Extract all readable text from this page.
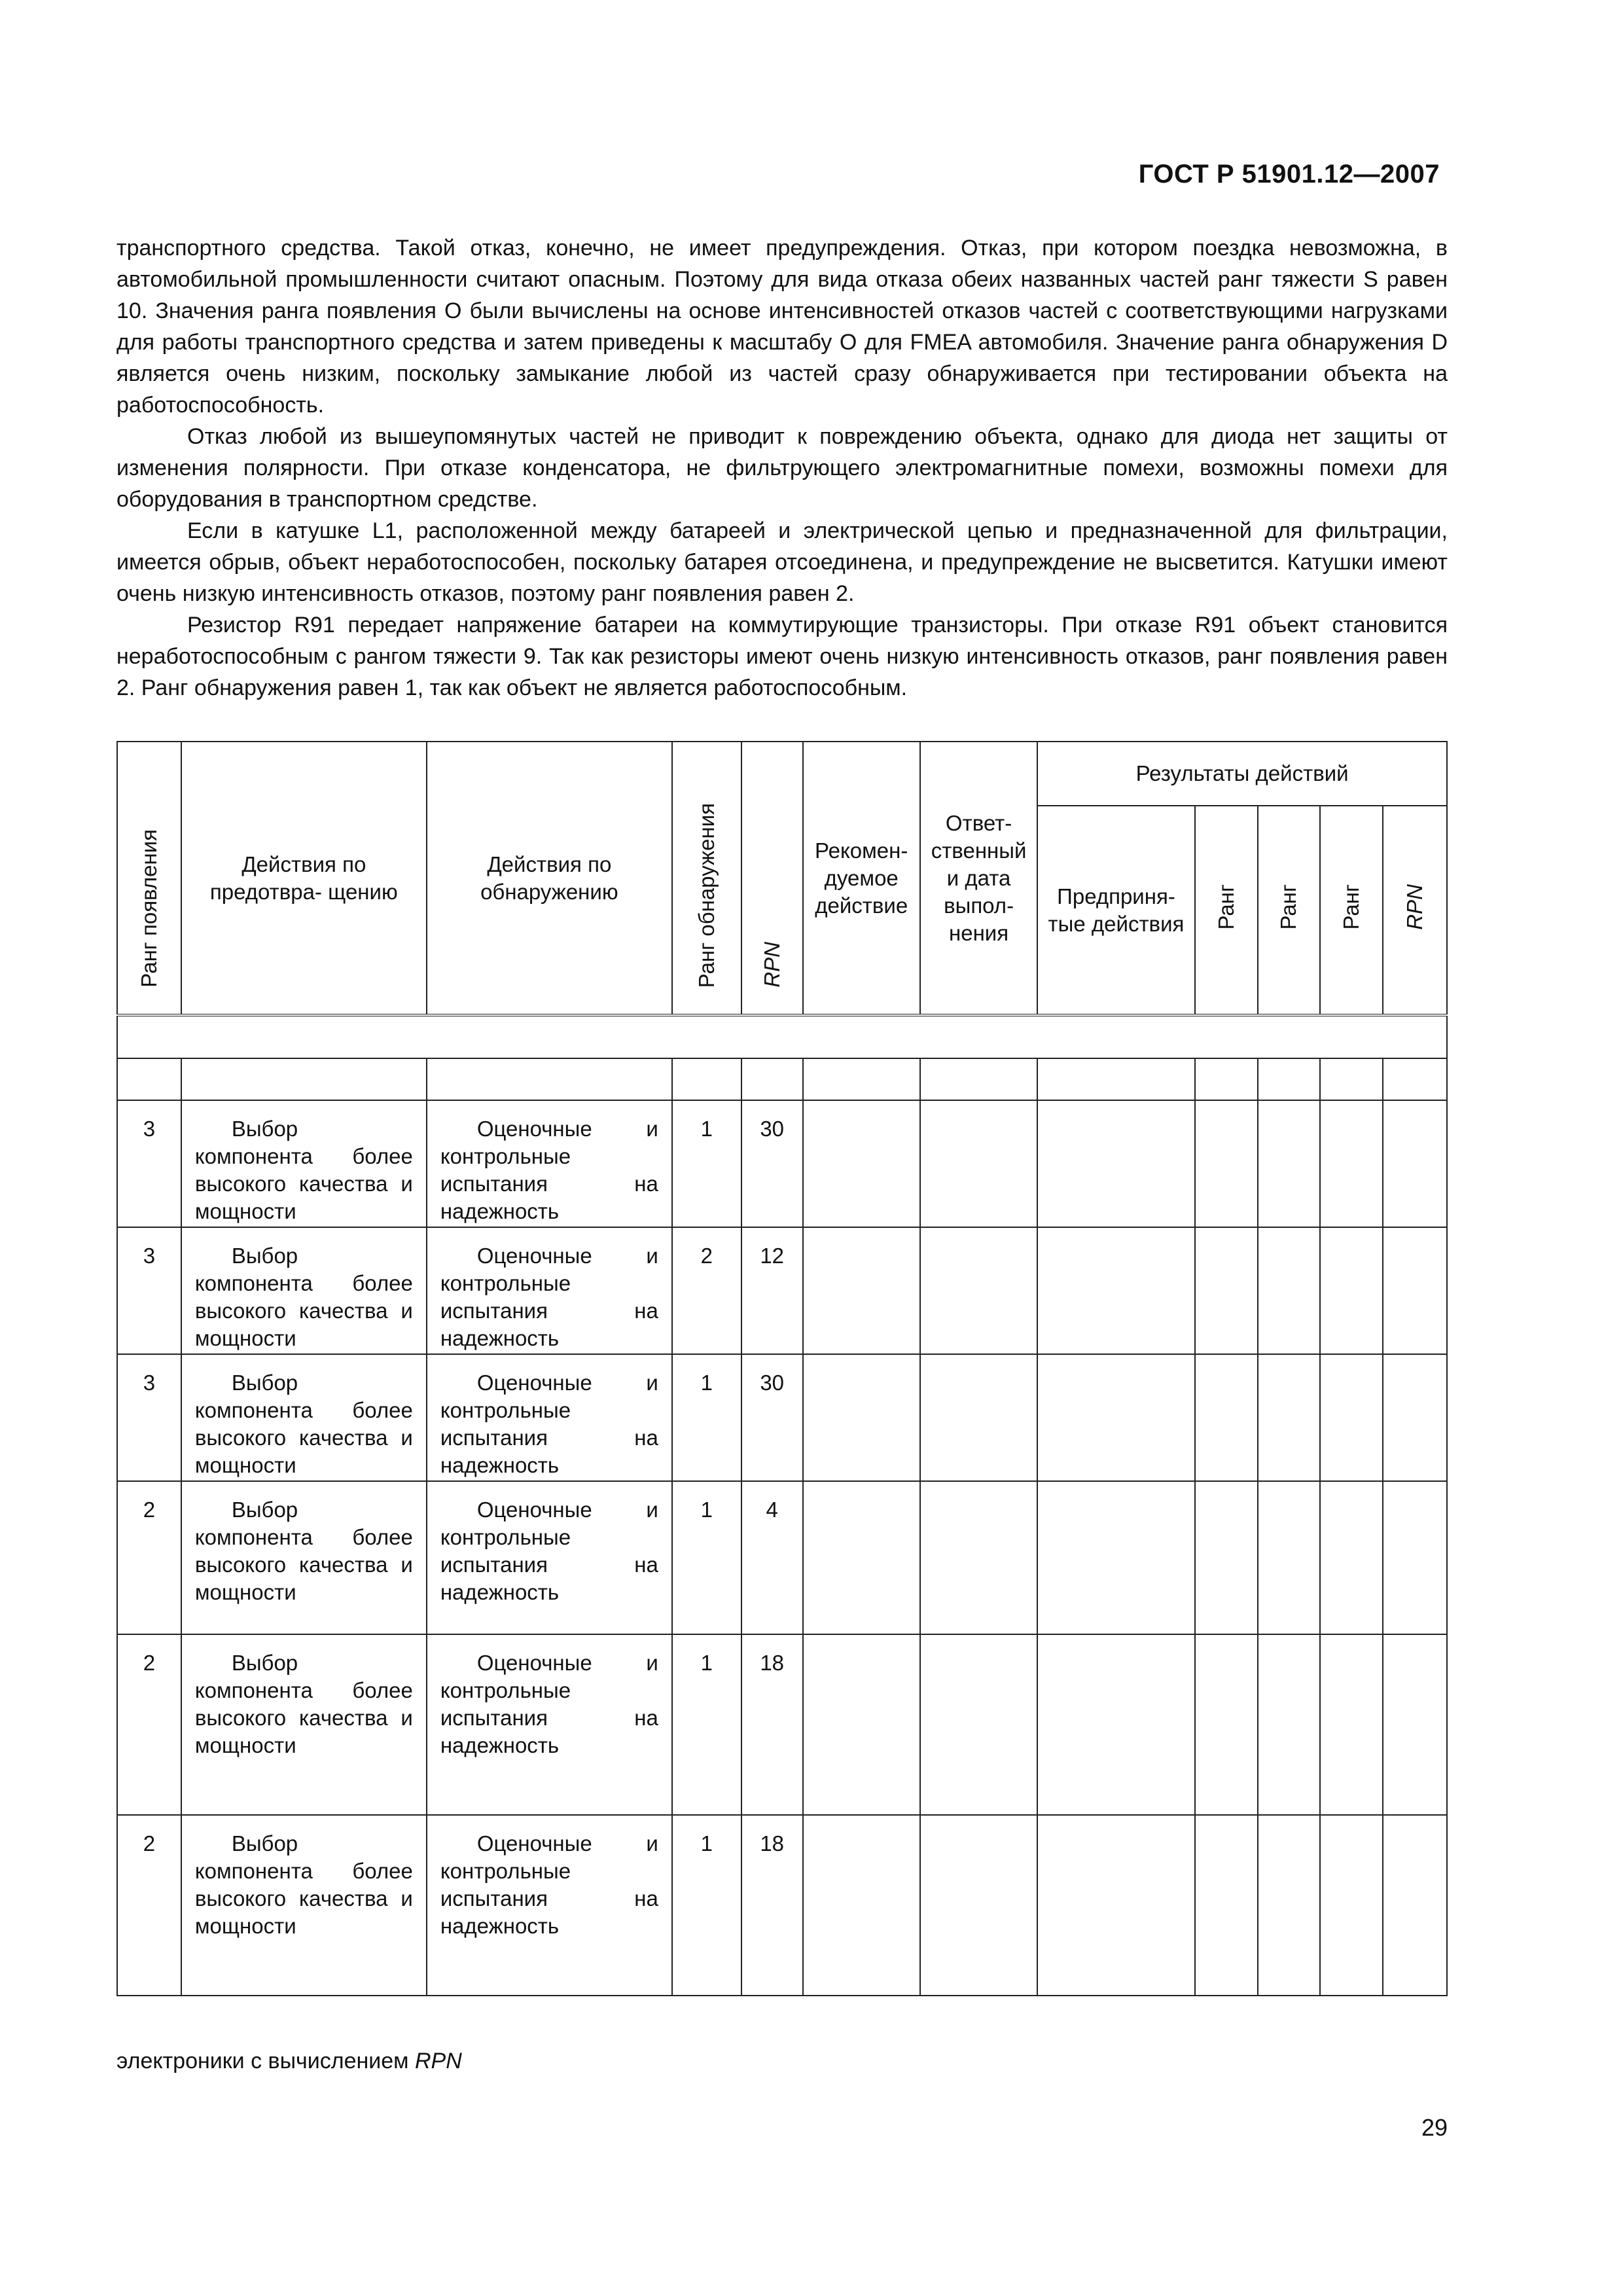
ГОСТ Р 51901.12—2007

транспортного средства. Такой отказ, конечно, не имеет предупреждения. Отказ, при котором поездка невозможна, в автомобильной промышленности считают опасным. Поэтому для вида отказа обеих названных частей ранг тяжести S равен 10. Значения ранга появления O были вычислены на основе интенсивностей отказов частей с соответствующими нагрузками для работы транспортного средства и затем приведены к масштабу O для FMEA автомобиля. Значение ранга обнаружения D является очень низким, поскольку замыкание любой из частей сразу обнаруживается при тестировании объекта на работоспособность.

Отказ любой из вышеупомянутых частей не приводит к повреждению объекта, однако для диода нет защиты от изменения полярности. При отказе конденсатора, не фильтрующего электромагнитные помехи, возможны помехи для оборудования в транспортном средстве.

Если в катушке L1, расположенной между батареей и электрической цепью и предназначенной для фильтрации, имеется обрыв, объект неработоспособен, поскольку батарея отсоединена, и предупреждение не высветится. Катушки имеют очень низкую интенсивность отказов, поэтому ранг появления равен 2.

Резистор R91 передает напряжение батареи на коммутирующие транзисторы. При отказе R91 объект становится неработоспособным с рангом тяжести 9. Так как резисторы имеют очень низкую интенсивность отказов, ранг появления равен 2. Ранг обнаружения равен 1, так как объект не является работоспособным.

Ранг появления	Действия по предотвра- щению	Действия по обнаружению	Ранг обнаружения	RPN	Рекомен- дуемое действие	Ответ- ственный и дата выпол- нения	Результаты действий				

							Предприня- тые действия	Ранг	Ранг	Ранг	RPN

3	Выбор компонента более высокого качества и мощности	Оценочные и контрольные испытания на надежность	1	30							
3	Выбор компонента более высокого качества и мощности	Оценочные и контрольные испытания на надежность	2	12							
3	Выбор компонента более высокого качества и мощности	Оценочные и контрольные испытания на надежность	1	30							
2	Выбор компонента более высокого качества и мощности	Оценочные и контрольные испытания на надежность	1	4							
2	Выбор компонента более высокого качества и мощности	Оценочные и контрольные испытания на надежность	1	18							
2	Выбор компонента более высокого качества и мощности	Оценочные и контрольные испытания на надежность	1	18							
электроники с вычислением RPN
29
